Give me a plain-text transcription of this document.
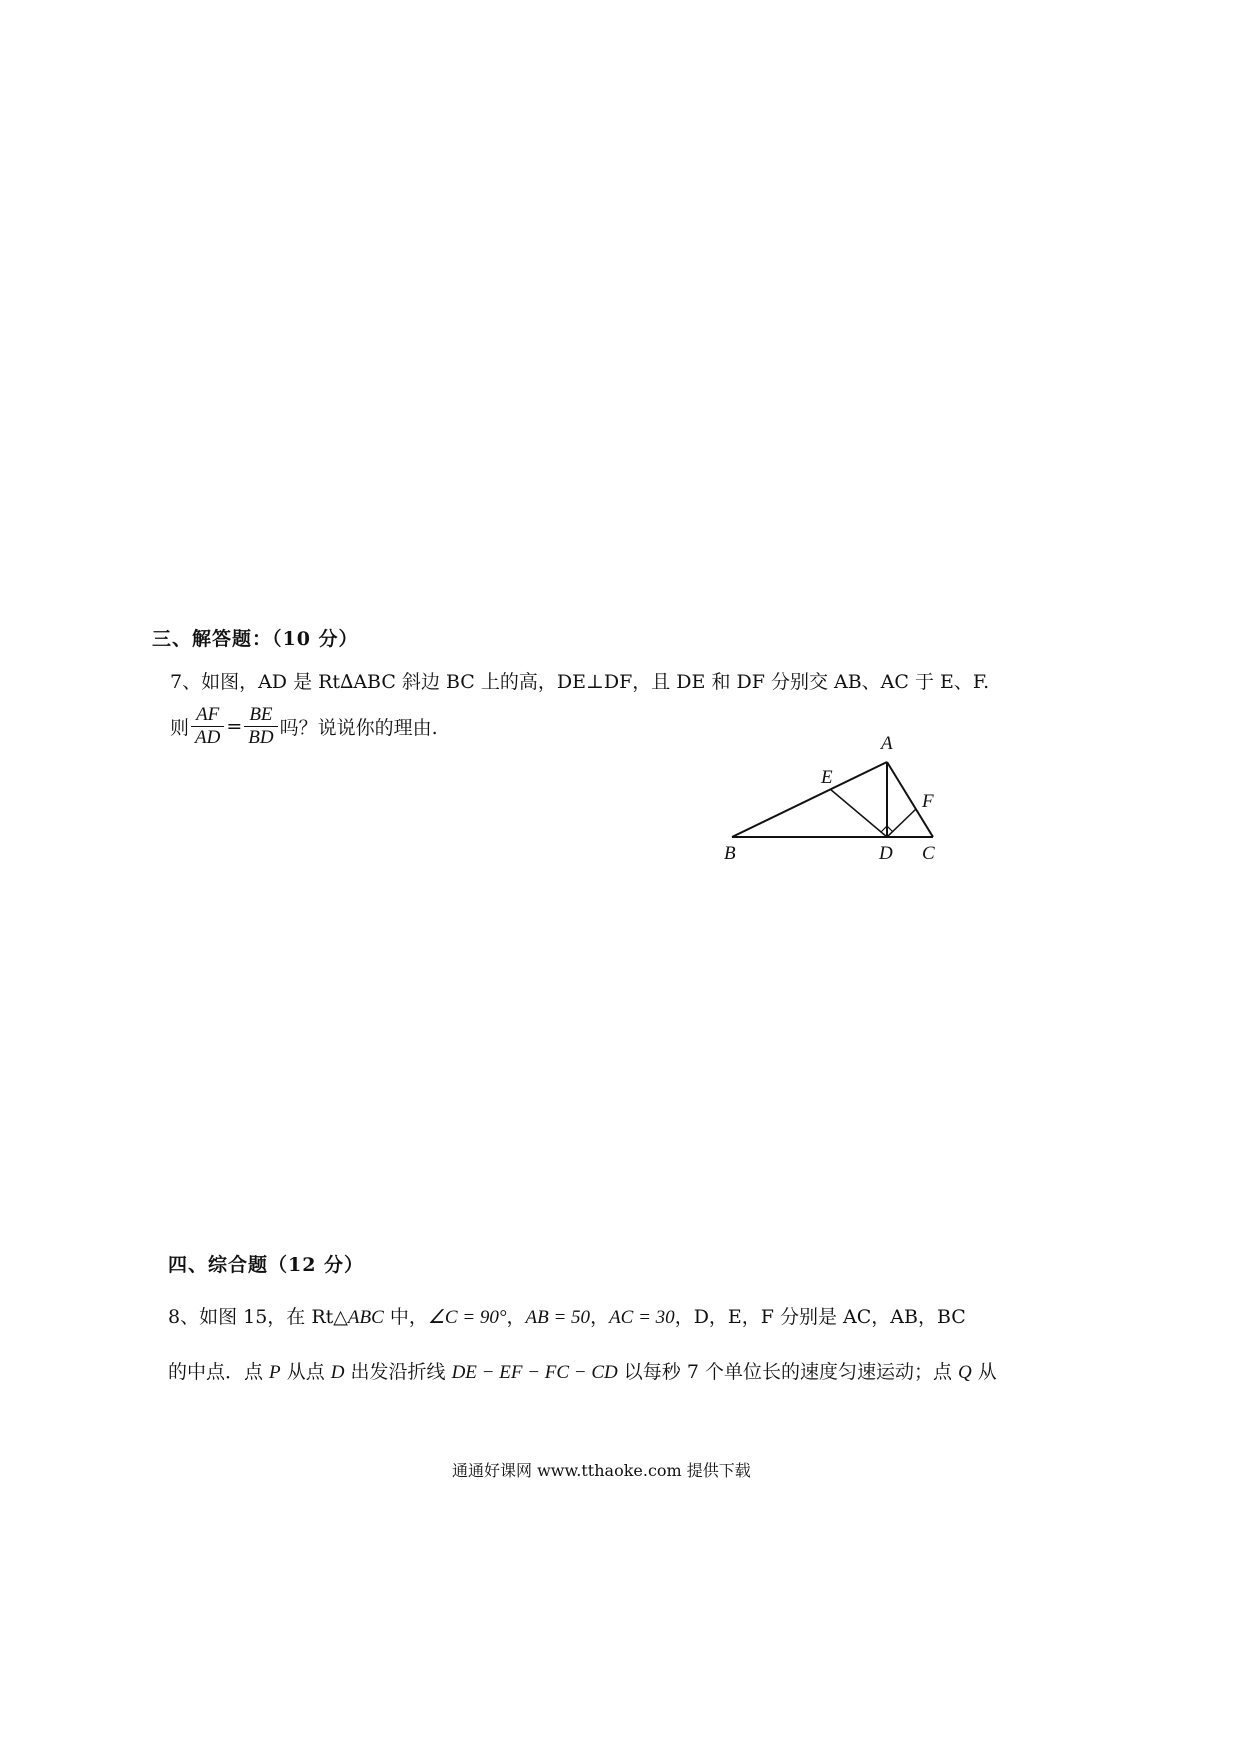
三、解答题：（10 分）
7、如图，AD 是 Rt∆ABC 斜边 BC 上的高，DE⊥DF，且 DE 和 DF 分别交 AB、AC 于 E、F.
则 $\frac{AF}{AD} = \frac{BE}{BD}$ 吗？说说你的理由.
A
E
F
B	D C
四、综合题（12 分）
8、如图 15，在 Rt△ABC 中，∠C = 90°，AB = 50，AC = 30，D，E，F 分别是 AC，AB，BC
的中点．点 P 从点 D 出发沿折线 DE − EF − FC − CD 以每秒 7 个单位长的速度匀速运动；点 Q 从
通通好课网 www.tthaoke.com 提供下载
